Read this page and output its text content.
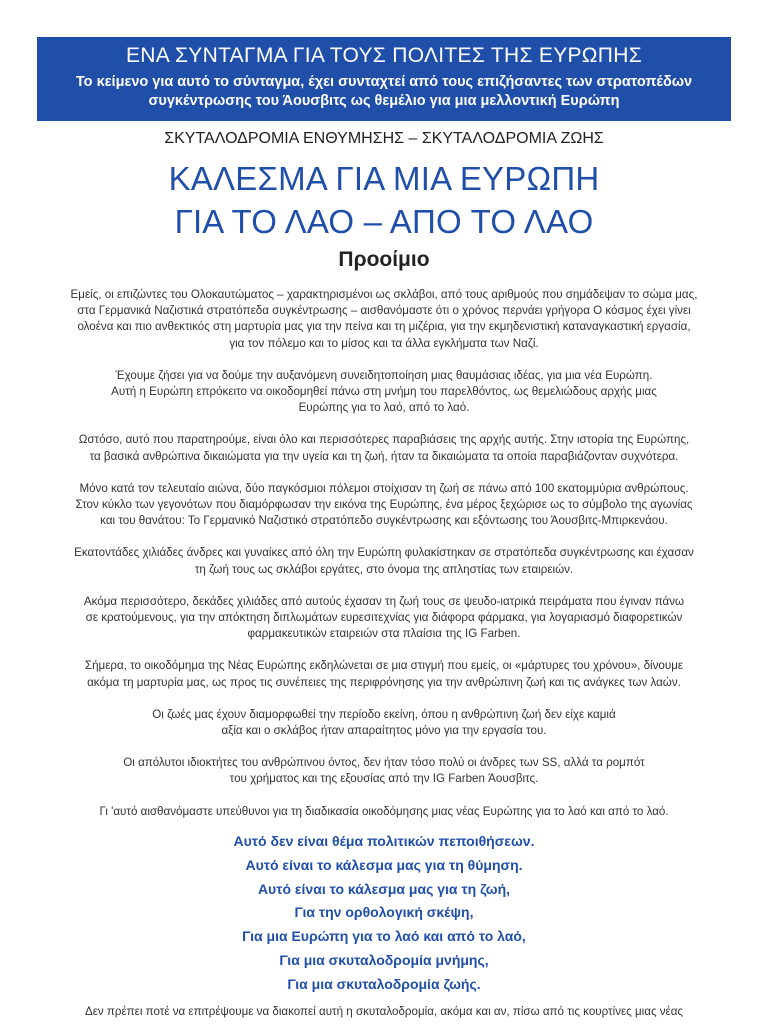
ΕΝΑ ΣΥΝΤΑΓΜΑ ΓΙΑ ΤΟΥΣ ΠΟΛΙΤΕΣ ΤΗΣ ΕΥΡΩΠΗΣ
Το κείμενο για αυτό το σύνταγμα, έχει συνταχτεί από τους επιζήσαντες των στρατοπέδων
συγκέντρωσης του Άουσβιτς ως θεμέλιο για μια μελλοντική Ευρώπη
ΣΚΥΤΑΛΟΔΡΟΜΙΑ ΕΝΘΥΜΗΣΗΣ – ΣΚΥΤΑΛΟΔΡΟΜΙΑ ΖΩΗΣ
ΚΑΛΕΣΜΑ ΓΙΑ ΜΙΑ ΕΥΡΩΠΗ
ΓΙΑ ΤΟ ΛΑΟ – ΑΠΟ ΤΟ ΛΑΟ
Προοίμιο
Εμείς, οι επιζώντες του Ολοκαυτώματος – χαρακτηρισμένοι ως σκλάβοι, από τους αριθμούς που σημάδεψαν το σώμα μας,
στα Γερμανικά Ναζιστικά στρατόπεδα συγκέντρωσης – αισθανόμαστε ότι ο χρόνος περνάει γρήγορα Ο κόσμος έχει γίνει
ολοένα και πιο ανθεκτικός στη μαρτυρία μας για την πείνα και τη μιζέρια, για την εκμηδενιστική καταναγκαστική εργασία,
για τον πόλεμο και το μίσος και τα άλλα εγκλήματα των Ναζί.
Έχουμε ζήσει για να δούμε την αυξανόμενη συνειδητοποίηση μιας θαυμάσιας ιδέας, για μια νέα Ευρώπη.
Αυτή η Ευρώπη επρόκειτο να οικοδομηθεί πάνω στη μνήμη του παρελθόντος, ως θεμελιώδους αρχής μιας
Ευρώπης για το λαό, από το λαό.
Ωστόσο, αυτό που παρατηρούμε, είναι όλο και περισσότερες παραβιάσεις της αρχής αυτής. Στην ιστορία της Ευρώπης,
τα βασικά ανθρώπινα δικαιώματα για την υγεία και τη ζωή, ήταν τα δικαιώματα τα οποία παραβιάζονταν συχνότερα.
Μόνο κατά τον τελευταίο αιώνα, δύο παγκόσμιοι πόλεμοι στοίχισαν τη ζωή σε πάνω από 100 εκατομμύρια ανθρώπους.
Στον κύκλο των γεγονότων που διαμόρφωσαν την εικόνα της Ευρώπης, ένα μέρος ξεχώρισε ως το σύμβολο της αγωνίας
και του θανάτου: Το Γερμανικό Ναζιστικό στρατόπεδο συγκέντρωσης και εξόντωσης του Άουσβιτς-Μπιρκενάου.
Εκατοντάδες χιλιάδες άνδρες και γυναίκες από όλη την Ευρώπη φυλακίστηκαν σε στρατόπεδα συγκέντρωσης και έχασαν
τη ζωή τους ως σκλάβοι εργάτες, στο όνομα της απληστίας των εταιρειών.
Ακόμα περισσότερο, δεκάδες χιλιάδες από αυτούς έχασαν τη ζωή τους σε ψευδο-ιατρικά πειράματα που έγιναν πάνω
σε κρατούμενους, για την απόκτηση διπλωμάτων ευρεσιτεχνίας για διάφορα φάρμακα, για λογαριασμό διαφορετικών
φαρμακευτικών εταιρειών στα πλαίσια της IG Farben.
Σήμερα, το οικοδόμημα της Νέας Ευρώπης εκδηλώνεται σε μια στιγμή που εμείς, οι «μάρτυρες του χρόνου», δίνουμε
ακόμα τη μαρτυρία μας, ως προς τις συνέπειες της περιφρόνησης για την ανθρώπινη ζωή και τις ανάγκες των λαών.
Οι ζωές μας έχουν διαμορφωθεί την περίοδο εκείνη, όπου η ανθρώπινη ζωή δεν είχε καμιά
αξία και ο σκλάβος ήταν απαραίτητος μόνο για την εργασία του.
Οι απόλυτοι ιδιοκτήτες του ανθρώπινου όντος, δεν ήταν τόσο πολύ οι άνδρες των SS, αλλά τα ρομπότ
του χρήματος και της εξουσίας από την IG Farben Άουσβιτς.
Γι 'αυτό αισθανόμαστε υπεύθυνοι για τη διαδικασία οικοδόμησης μιας νέας Ευρώπης για το λαό και από το λαό.
Αυτό δεν είναι θέμα πολιτικών πεποιθήσεων.
Αυτό είναι το κάλεσμα μας για τη θύμηση.
Αυτό είναι το κάλεσμα μας για τη ζωή,
Για την ορθολογική σκέψη,
Για μια Ευρώπη για το λαό και από το λαό,
Για μια σκυταλοδρομία μνήμης,
Για μια σκυταλοδρομία ζωής.
Δεν πρέπει ποτέ να επιτρέψουμε να διακοπεί αυτή η σκυταλοδρομία, ακόμα και αν, πίσω από τις κουρτίνες μιας νέας
